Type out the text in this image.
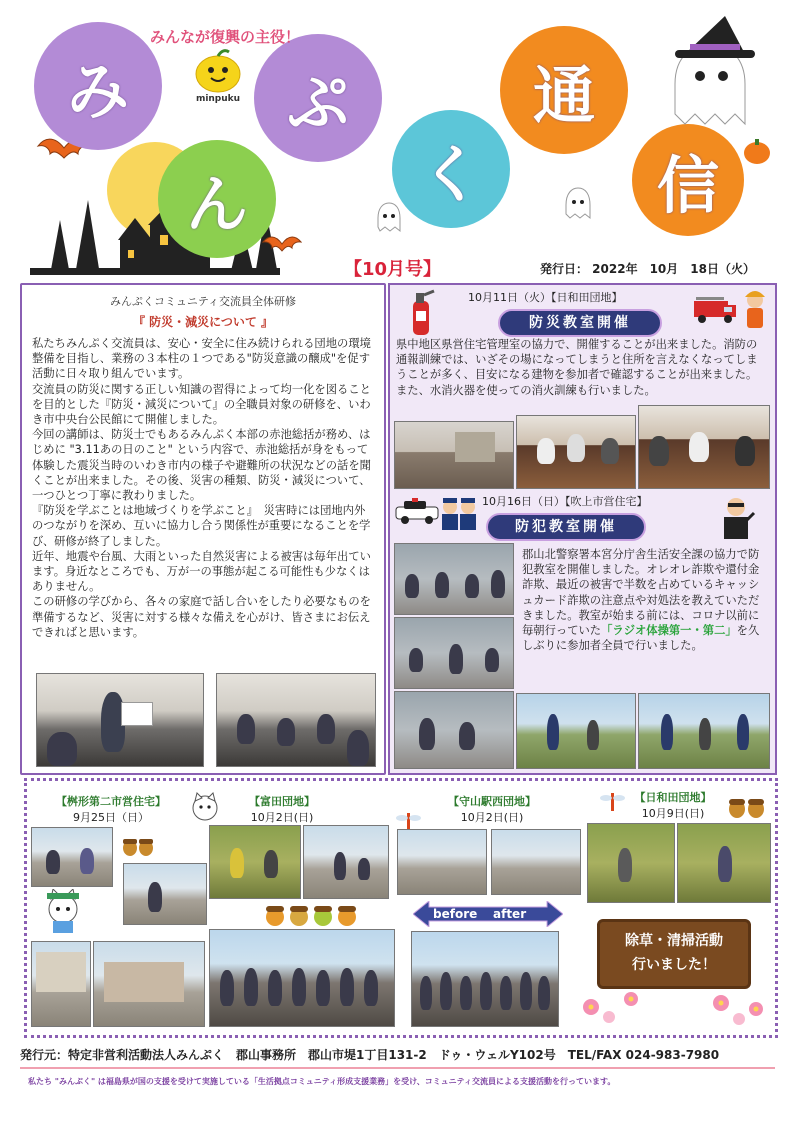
み
ん
ぷ
く
通
信
minpuku
みんなが復興の主役！
【10月号】	発行日： 2022年　10月　18日（火）
みんぷくコミュニティ交流員全体研修
『 防災・減災について 』

私たちみんぷく交流員は、安心・安全に住み続けられる団地の環境整備を目指し、業務の３本柱の１つである"防災意識の醸成"を促す活動に日々取り組んでいます。

交流員の防災に関する正しい知識の習得によって均一化を図ることを目的とした『防災・減災について』の全職員対象の研修を、いわき市中央台公民館にて開催しました。

今回の講師は、防災士でもあるみんぷく本部の赤池総括が務め、はじめに "3.11あの日のこと" という内容で、赤池総括が身をもって体験した震災当時のいわき市内の様子や避難所の状況などの話を聞くことが出来ました。その後、災害の種類、防災・減災について、一つひとつ丁寧に教わりました。

『防災を学ぶことは地域づくりを学ぶこと』　災害時には団地内外のつながりを深め、互いに協力し合う関係性が重要になることを学び、研修が終了しました。

近年、地震や台風、大雨といった自然災害による被害は毎年出ています。身近なところでも、万が一の事態が起こる可能性も少なくはありません。

この研修の学びから、各々の家庭で話し合いをしたり必要なものを準備するなど、災害に対する様々な備えを心がけ、皆さまにお伝えできればと思います。

10月11日（火）【日和田団地】
防災教室開催
県中地区県営住宅管理室の協力で、開催することが出来ました。消防の通報訓練では、いざその場になってしまうと住所を言えなくなってしまうことが多く、目安になる建物を参加者で確認することが出来ました。また、水消火器を使っての消火訓練も行いました。
10月16日（日）【吹上市営住宅】
防犯教室開催
郡山北警察署本宮分庁舎生活安全課の協力で防犯教室を開催しました。オレオレ詐欺や還付金詐欺、最近の被害で半数を占めているキャッシュカード詐欺の注意点や対処法を教えていただきました。教室が始まる前には、コロナ以前に毎朝行っていた「ラジオ体操第一・第二」を久しぶりに参加者全員で行いました。
【桝形第二市営住宅】
9月25日（日）
【富田団地】
10月2日(日)
【守山駅西団地】
10月2日(日)
before after
【日和田団地】
10月9日(日)
除草・清掃活動
行いました！
発行元：特定非営利活動法人みんぷく　郡山事務所　郡山市堤1丁目131-2　ドゥ・ウェルY102号　TEL/FAX 024-983-7980
私たち "みんぷく" は福島県が国の支援を受けて実施している「生活拠点コミュニティ形成支援業務」を受け、コミュニティ交流員による支援活動を行っています。
